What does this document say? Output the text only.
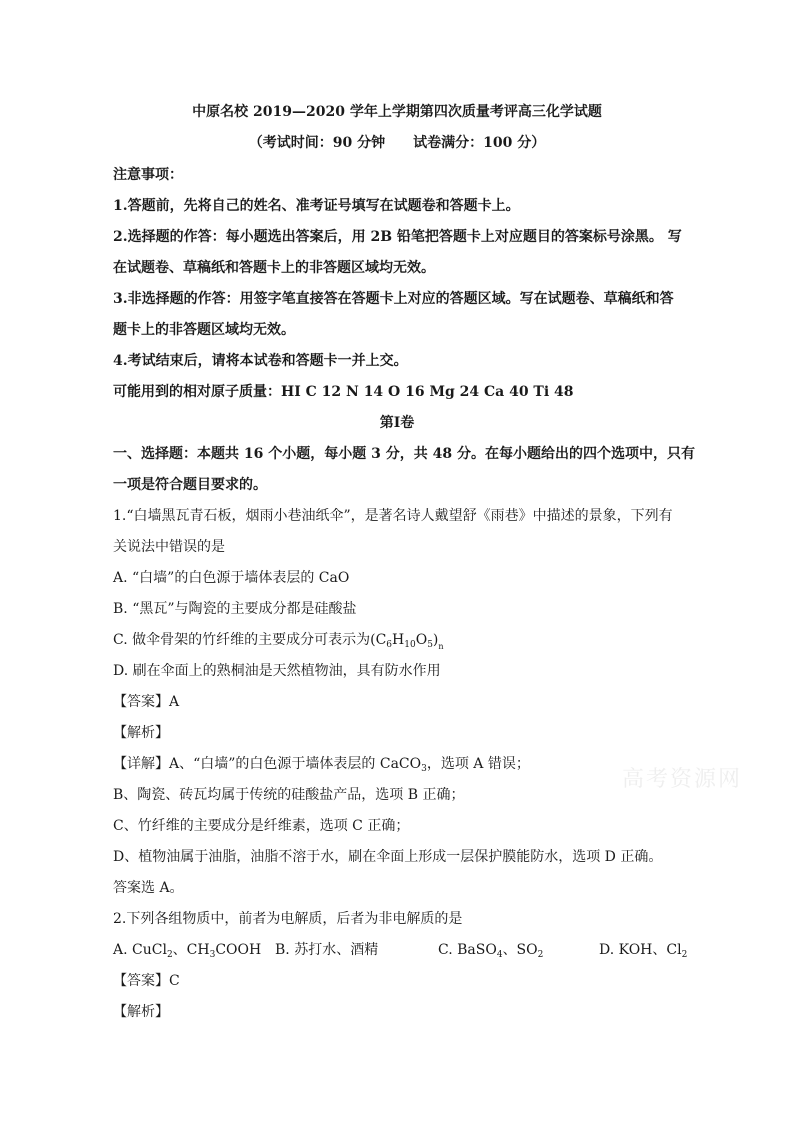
中原名校 2019—2020 学年上学期第四次质量考评高三化学试题
（考试时间：90 分钟 试卷满分：100 分）
注意事项：
1.答题前，先将自己的姓名、准考证号填写在试题卷和答题卡上。
2.选择题的作答：每小题选出答案后，用 2B 铅笔把答题卡上对应题目的答案标号涂黑。 写
在试题卷、草稿纸和答题卡上的非答题区域均无效。
3.非选择题的作答：用签字笔直接答在答题卡上对应的答题区域。写在试题卷、草稿纸和答
题卡上的非答题区域均无效。
4.考试结束后，请将本试卷和答题卡一并上交。
可能用到的相对原子质量：HI C 12 N 14 O 16 Mg 24 Ca 40 Ti 48
第Ⅰ卷
一、选择题：本题共 16 个小题，每小题 3 分，共 48 分。在每小题给出的四个选项中，只有
一项是符合题目要求的。
1.“白墙黑瓦青石板，烟雨小巷油纸伞”，是著名诗人戴望舒《雨巷》中描述的景象，下列有
关说法中错误的是
A. “白墙”的白色源于墙体表层的 CaO
B. “黑瓦”与陶瓷的主要成分都是硅酸盐
C. 做伞骨架的竹纤维的主要成分可表示为$(C_6H_{10}O_5)_n$
D. 刷在伞面上的熟桐油是天然植物油，具有防水作用
【答案】A
【解析】
【详解】A、“白墙”的白色源于墙体表层的 CaCO$_3$，选项 A 错误；
B、陶瓷、砖瓦均属于传统的硅酸盐产品，选项 B 正确；
C、竹纤维的主要成分是纤维素，选项 C 正确；
D、植物油属于油脂，油脂不溶于水，刷在伞面上形成一层保护膜能防水，选项 D 正确。
答案选 A。
2.下列各组物质中，前者为电解质，后者为非电解质的是
A. CuCl$_2$、$CH_3COOH$ B. 苏打水、酒精	C. BaSO$_4$、$SO_2$	D. KOH、$Cl_2$
【答案】C
【解析】
高考资源网
